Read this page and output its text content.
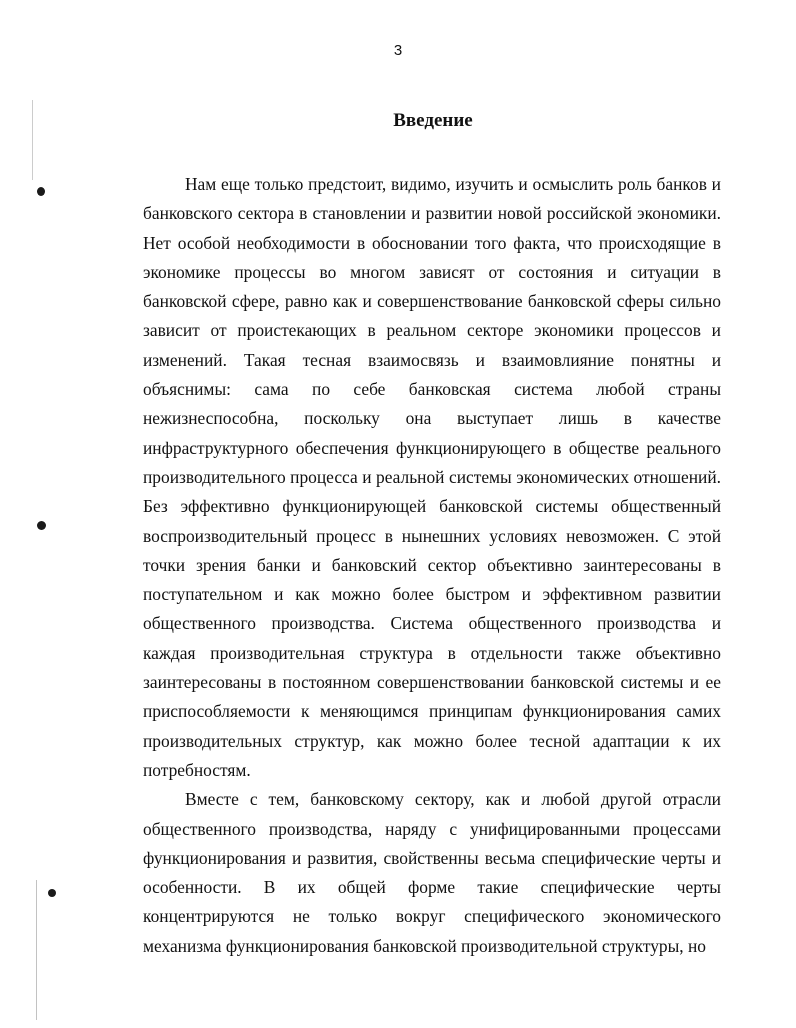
3
Введение

Нам еще только предстоит, видимо, изучить и осмыслить роль банков и банковского сектора в становлении и развитии новой российской экономики. Нет особой необходимости в обосновании того факта, что происходящие в экономике процессы во многом зависят от состояния и ситуации в банковской сфере, равно как и совершенствование банковской сферы сильно зависит от проистекающих в реальном секторе экономики процессов и изменений. Такая тесная взаимосвязь и взаимовлияние понятны и объяснимы: сама по себе банковская система любой страны нежизнеспособна, поскольку она выступает лишь в качестве инфраструктурного обеспечения функционирующего в обществе реального производительного процесса и реальной системы экономических отношений. Без эффективно функционирующей банковской системы общественный воспроизводительный процесс в нынешних условиях невозможен. С этой точки зрения банки и банковский сектор объективно заинтересованы в поступательном и как можно более быстром и эффективном развитии общественного производства. Система общественного производства и каждая производительная структура в отдельности также объективно заинтересованы в постоянном совершенствовании банковской системы и ее приспособляемости к меняющимся принципам функционирования самих производительных структур, как можно более тесной адаптации к их потребностям.

Вместе с тем, банковскому сектору, как и любой другой отрасли общественного производства, наряду с унифицированными процессами функционирования и развития, свойственны весьма специфические черты и особенности. В их общей форме такие специфические черты концентрируются не только вокруг специфического экономического механизма функционирования банковской производительной структуры, но
